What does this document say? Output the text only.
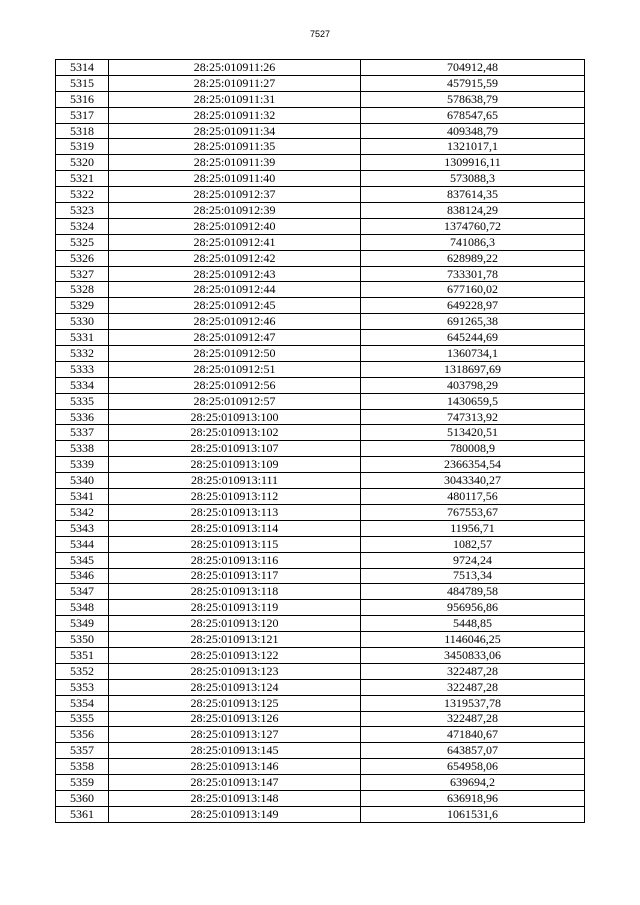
7527
5314	28:25:010911:26	704912,48
5315	28:25:010911:27	457915,59
5316	28:25:010911:31	578638,79
5317	28:25:010911:32	678547,65
5318	28:25:010911:34	409348,79
5319	28:25:010911:35	1321017,1
5320	28:25:010911:39	1309916,11
5321	28:25:010911:40	573088,3
5322	28:25:010912:37	837614,35
5323	28:25:010912:39	838124,29
5324	28:25:010912:40	1374760,72
5325	28:25:010912:41	741086,3
5326	28:25:010912:42	628989,22
5327	28:25:010912:43	733301,78
5328	28:25:010912:44	677160,02
5329	28:25:010912:45	649228,97
5330	28:25:010912:46	691265,38
5331	28:25:010912:47	645244,69
5332	28:25:010912:50	1360734,1
5333	28:25:010912:51	1318697,69
5334	28:25:010912:56	403798,29
5335	28:25:010912:57	1430659,5
5336	28:25:010913:100	747313,92
5337	28:25:010913:102	513420,51
5338	28:25:010913:107	780008,9
5339	28:25:010913:109	2366354,54
5340	28:25:010913:111	3043340,27
5341	28:25:010913:112	480117,56
5342	28:25:010913:113	767553,67
5343	28:25:010913:114	11956,71
5344	28:25:010913:115	1082,57
5345	28:25:010913:116	9724,24
5346	28:25:010913:117	7513,34
5347	28:25:010913:118	484789,58
5348	28:25:010913:119	956956,86
5349	28:25:010913:120	5448,85
5350	28:25:010913:121	1146046,25
5351	28:25:010913:122	3450833,06
5352	28:25:010913:123	322487,28
5353	28:25:010913:124	322487,28
5354	28:25:010913:125	1319537,78
5355	28:25:010913:126	322487,28
5356	28:25:010913:127	471840,67
5357	28:25:010913:145	643857,07
5358	28:25:010913:146	654958,06
5359	28:25:010913:147	639694,2
5360	28:25:010913:148	636918,96
5361	28:25:010913:149	1061531,6
